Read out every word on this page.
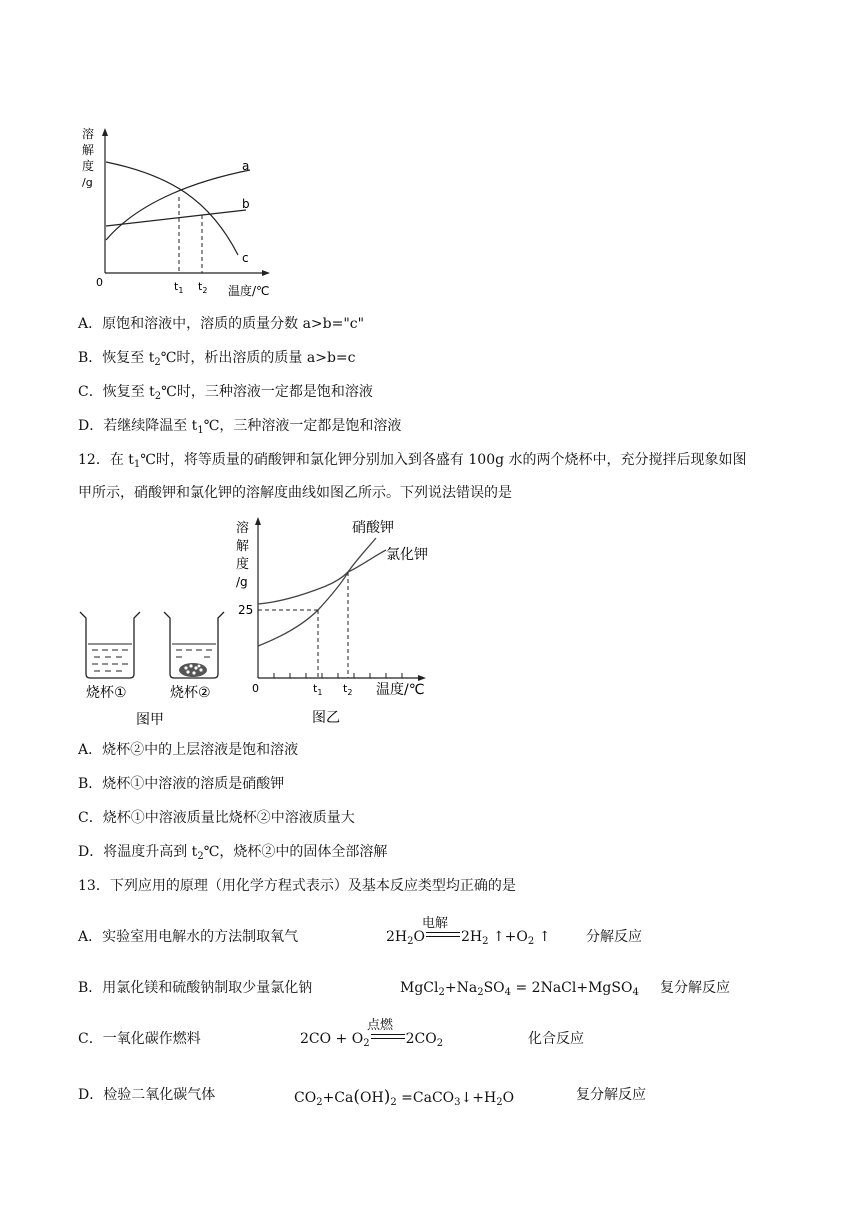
溶
解
度
/g
a
b
c
0	$t_1$ $t_2$ 温度/℃
A．原饱和溶液中，溶质的质量分数 a>b="c"
B．恢复至 $t_2℃$时，析出溶质的质量 a>b=c
C．恢复至 $t_2℃$时，三种溶液一定都是饱和溶液
D．若继续降温至 $t_1℃$，三种溶液一定都是饱和溶液
12．在 $t_1℃$时，将等质量的硝酸钾和氯化钾分别加入到各盛有 100g 水的两个烧杯中，充分搅拌后现象如图
甲所示，硝酸钾和氯化钾的溶解度曲线如图乙所示。下列说法错误的是
烧杯①	烧杯②
图甲
溶
解
度
/g
25
0	$t_1$ $t_2$ 温度/℃
硝酸钾
氯化钾
图乙
A．烧杯②中的上层溶液是饱和溶液
B．烧杯①中溶液的溶质是硝酸钾
C．烧杯①中溶液质量比烧杯②中溶液质量大
D．将温度升高到 $t_2℃$，烧杯②中的固体全部溶解
13．下列应用的原理（用化学方程式表示）及基本反应类型均正确的是
A．实验室用电解水的方法制取氧气
电解
$2H_2O$	$2H_2$ $↑+O_2$ ↑	分解反应
B．用氯化镁和硫酸钠制取少量氯化钠	$MgCl_2+Na_2SO_4$ = 2NaCl+MgSO$_4$ 复分解反应
C．一氧化碳作燃料
点燃
$2CO + O_2$	$2CO_2$	化合反应
D．检验二氧化碳气体	$CO_2+Ca(OH)_2$ $=CaCO_3↓+H_2O$	复分解反应
